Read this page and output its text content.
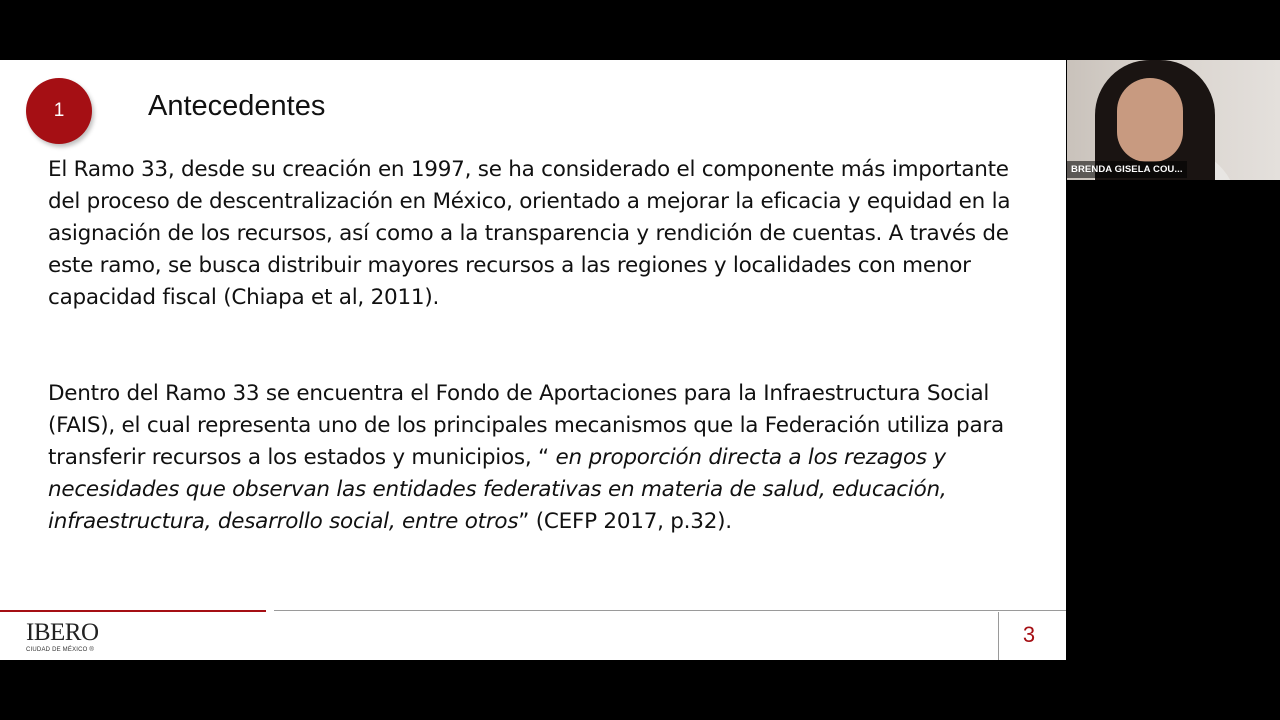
1	Antecedentes
El Ramo 33, desde su creación en 1997, se ha considerado el componente más importante del proceso de descentralización en México, orientado a mejorar la eficacia y equidad en la asignación de los recursos, así como a la transparencia y rendición de cuentas. A través de este ramo, se busca distribuir mayores recursos a las regiones y localidades con menor capacidad fiscal (Chiapa et al, 2011).
Dentro del Ramo 33 se encuentra el Fondo de Aportaciones para la Infraestructura Social (FAIS), el cual representa uno de los principales mecanismos que la Federación utiliza para transferir recursos a los estados y municipios, “ en proporción directa a los rezagos y necesidades que observan las entidades federativas en materia de salud, educación, infraestructura, desarrollo social, entre otros” (CEFP 2017, p.32).
IBERO
CIUDAD DE MÉXICO ®
3
BRENDA GISELA COU...
